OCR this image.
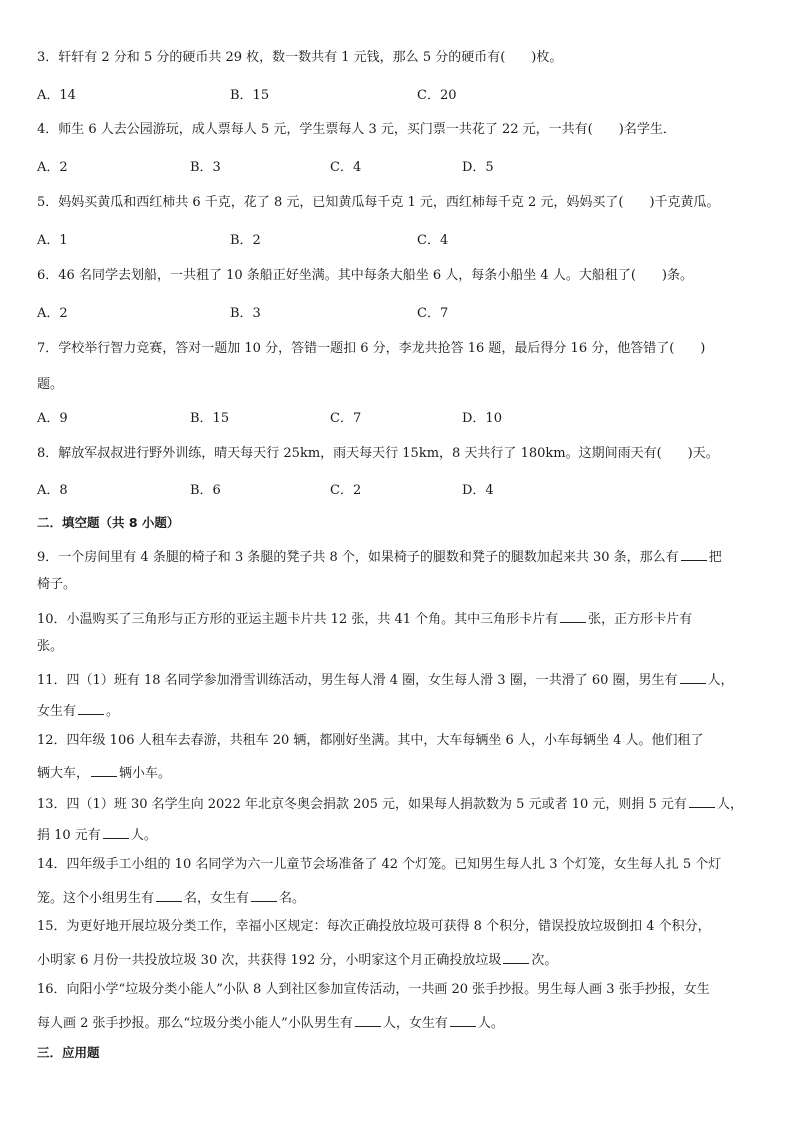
3．轩轩有 2 分和 5 分的硬币共 29 枚，数一数共有 1 元钱，那么 5 分的硬币有(　　)枚。
A．14	B．15	C．20
4．师生 6 人去公园游玩，成人票每人 5 元，学生票每人 3 元，买门票一共花了 22 元，一共有(　　)名学生．
A．2	B．3	C．4	D．5
5．妈妈买黄瓜和西红柿共 6 千克，花了 8 元，已知黄瓜每千克 1 元，西红柿每千克 2 元，妈妈买了(　　)千克黄瓜。
A．1	B．2	C．4
6．46 名同学去划船，一共租了 10 条船正好坐满。其中每条大船坐 6 人，每条小船坐 4 人。大船租了(　　)条。
A．2	B．3	C．7
7．学校举行智力竞赛，答对一题加 10 分，答错一题扣 6 分，李龙共抢答 16 题，最后得分 16 分，他答错了(　　)
题。
A．9	B．15	C．7	D．10
8．解放军叔叔进行野外训练，晴天每天行 25km，雨天每天行 15km，8 天共行了 180km。这期间雨天有(　　)天。
A．8	B．6	C．2	D．4
二．填空题（共 8 小题）
9．一个房间里有 4 条腿的椅子和 3 条腿的凳子共 8 个，如果椅子的腿数和凳子的腿数加起来共 30 条，那么有 把
椅子。
10．小温购买了三角形与正方形的亚运主题卡片共 12 张，共 41 个角。其中三角形卡片有 张，正方形卡片有
张。
11．四（1）班有 18 名同学参加滑雪训练活动，男生每人滑 4 圈，女生每人滑 3 圈，一共滑了 60 圈，男生有 人，
女生有 。
12．四年级 106 人租车去春游，共租车 20 辆，都刚好坐满。其中，大车每辆坐 6 人，小车每辆坐 4 人。他们租了
辆大车， 辆小车。
13．四（1）班 30 名学生向 2022 年北京冬奥会捐款 205 元，如果每人捐款数为 5 元或者 10 元，则捐 5 元有 人，
捐 10 元有 人。
14．四年级手工小组的 10 名同学为六一儿童节会场准备了 42 个灯笼。已知男生每人扎 3 个灯笼，女生每人扎 5 个灯
笼。这个小组男生有 名，女生有 名。
15．为更好地开展垃圾分类工作，幸福小区规定：每次正确投放垃圾可获得 8 个积分，错误投放垃圾倒扣 4 个积分，
小明家 6 月份一共投放垃圾 30 次，共获得 192 分，小明家这个月正确投放垃圾 次。
16．向阳小学“垃圾分类小能人”小队 8 人到社区参加宣传活动，一共画 20 张手抄报。男生每人画 3 张手抄报，女生
每人画 2 张手抄报。那么“垃圾分类小能人”小队男生有 人，女生有 人。
三．应用题
